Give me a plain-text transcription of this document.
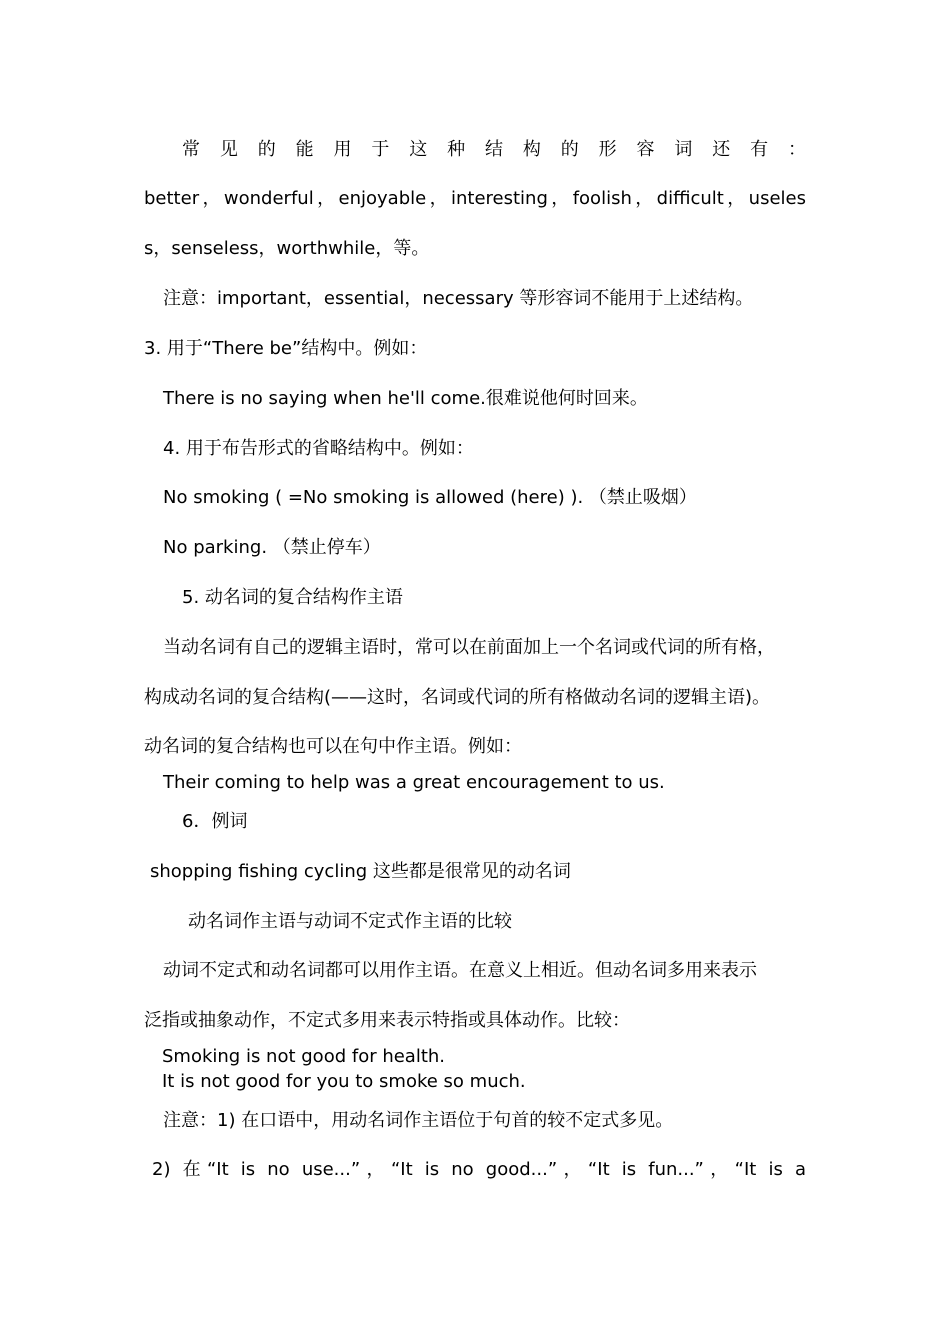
常见的能用于这种结构的形容词还有：

better，wonderful，enjoyable，interesting，foolish，difficult，useles

s，senseless，worthwhile，等。

注意：important，essential，necessary 等形容词不能用于上述结构。

3. 用于“There be”结构中。例如：

There is no saying when he'll come.很难说他何时回来。

4. 用于布告形式的省略结构中。例如：

No smoking ( =No smoking is allowed (here) ). （禁止吸烟）

No parking. （禁止停车）

5. 动名词的复合结构作主语

当动名词有自己的逻辑主语时，常可以在前面加上一个名词或代词的所有格，

构成动名词的复合结构(——这时，名词或代词的所有格做动名词的逻辑主语)。

动名词的复合结构也可以在句中作主语。例如：

Their coming to help was a great encouragement to us.

6．例词

shopping fishing cycling 这些都是很常见的动名词

动名词作主语与动词不定式作主语的比较

动词不定式和动名词都可以用作主语。在意义上相近。但动名词多用来表示

泛指或抽象动作，不定式多用来表示特指或具体动作。比较：

Smoking is not good for health.

It is not good for you to smoke so much.

注意：1) 在口语中，用动名词作主语位于句首的较不定式多见。

2) 在“It is no use...”，“It is no good...”，“It is fun...”，“It is a
